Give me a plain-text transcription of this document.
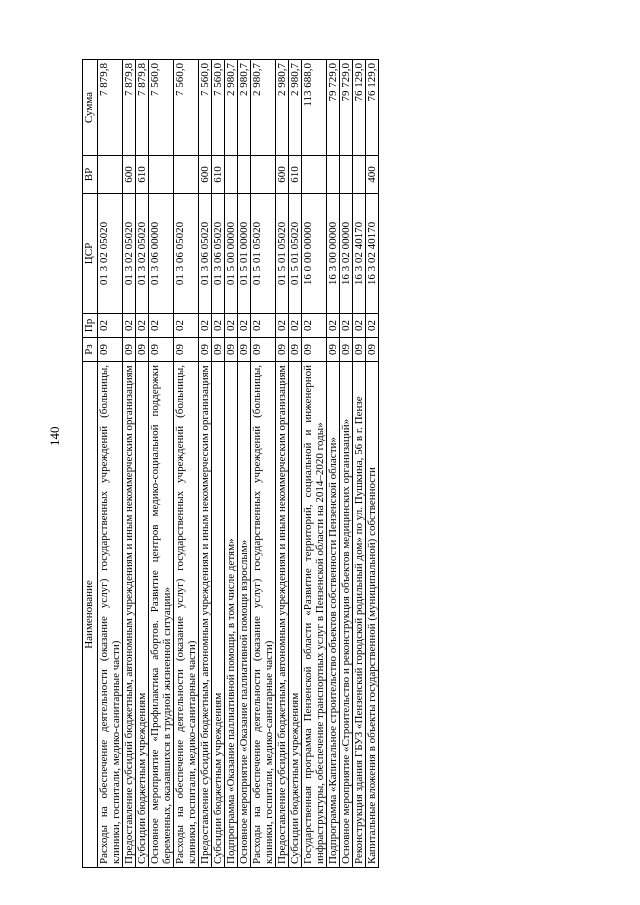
140
Наименование	Рз	Пр	ЦСР	ВР	Сумма
Расходы на обеспечение деятельности (оказание услуг) государственных учреждений (больницы, клиники, госпитали, медико-санитарные части)	09	02	01 3 02 05020		7 879,8
Предоставление субсидий бюджетным, автономным учреждениям и иным некоммерческим организациям	09	02	01 3 02 05020	600	7 879,8
Субсидии бюджетным учреждениям	09	02	01 3 02 05020	610	7 879,8
Основное мероприятие «Профилактика абортов. Развитие центров медико-социальной поддержки беременных, оказавшихся в трудной жизненной ситуации»	09	02	01 3 06 00000		7 560,0
Расходы на обеспечение деятельности (оказание услуг) государственных учреждений (больницы, клиники, госпитали, медико-санитарные части)	09	02	01 3 06 05020		7 560,0
Предоставление субсидий бюджетным, автономным учреждениям и иным некоммерческим организациям	09	02	01 3 06 05020	600	7 560,0
Субсидии бюджетным учреждениям	09	02	01 3 06 05020	610	7 560,0
Подпрограмма «Оказание паллиативной помощи, в том числе детям»	09	02	01 5 00 00000		2 980,7
Основное мероприятие «Оказание паллиативной помощи взрослым»	09	02	01 5 01 00000		2 980,7
Расходы на обеспечение деятельности (оказание услуг) государственных учреждений (больницы, клиники, госпитали, медико-санитарные части)	09	02	01 5 01 05020		2 980,7
Предоставление субсидий бюджетным, автономным учреждениям и иным некоммерческим организациям	09	02	01 5 01 05020	600	2 980,7
Субсидии бюджетным учреждениям	09	02	01 5 01 05020	610	2 980,7
Государственная программа Пензенской области «Развитие территорий, социальной и инженерной инфраструктуры, обеспечение транспортных услуг в Пензенской области на 2014–2020 годы»	09	02	16 0 00 00000		113 688,0
Подпрограмма «Капитальное строительство объектов собственности Пензенской области»	09	02	16 3 00 00000		79 729,0
Основное мероприятие «Строительство и реконструкция объектов медицинских организаций»	09	02	16 3 02 00000		79 729,0
Реконструкция здания ГБУЗ «Пензенский городской родильный дом» по ул. Пушкина, 56 в г. Пензе	09	02	16 3 02 40170		76 129,0
Капитальные вложения в объекты государственной (муниципальной) собственности	09	02	16 3 02 40170	400	76 129,0
